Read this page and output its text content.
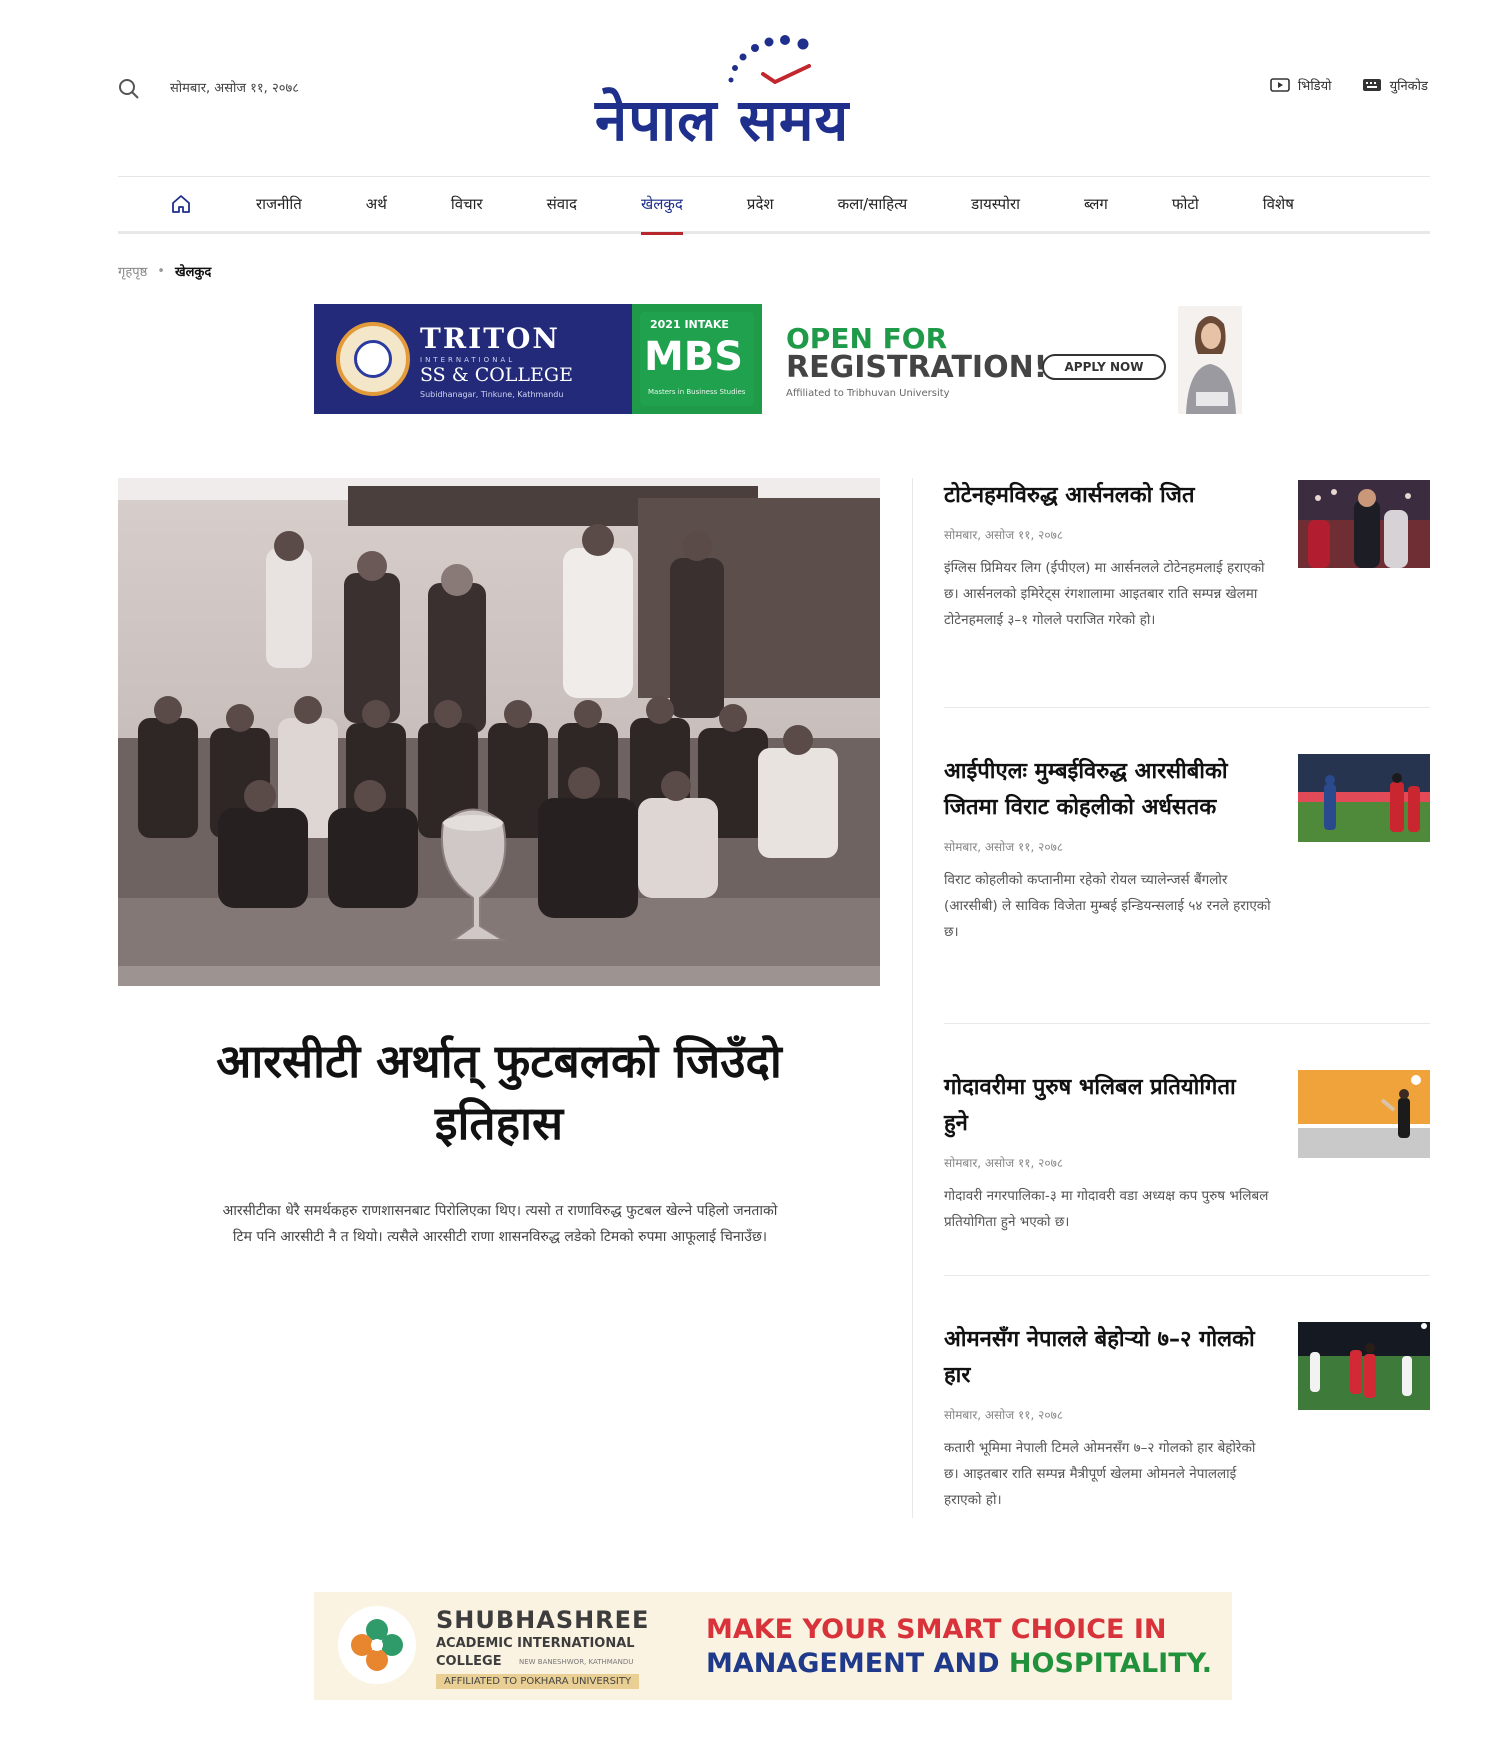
सोमबार, असोज ११, २०७८	नेपाल समय	भिडियो	युनिकोड
राजनीति	अर्थ	विचार	संवाद	खेलकुद	प्रदेश	कला/साहित्य	डायस्पोरा	ब्लग	फोटो	विशेष
गृहपृष्ठ • खेलकुद
TRITON
INTERNATIONAL
SS & COLLEGE
Subidhanagar, Tinkune, Kathmandu
2021 INTAKE
MBS
Masters in Business Studies
OPEN FOR
REGISTRATION!
Affiliated to Tribhuvan University
APPLY NOW
आरसीटी अर्थात् फुटबलको जिउँदो
इतिहास
आरसीटीका धेरै समर्थकहरु राणशासनबाट पिरोलिएका थिए। त्यसो त राणाविरुद्ध फुटबल खेल्ने पहिलो जनताको
टिम पनि आरसीटी नै त थियो। त्यसैले आरसीटी राणा शासनविरुद्ध लडेको टिमको रुपमा आफूलाई चिनाउँछ।
टोटेनहमविरुद्ध आर्सनलको जित
सोमबार, असोज ११, २०७८
इंग्लिस प्रिमियर लिग (ईपीएल) मा आर्सनलले टोटेनहमलाई हराएको छ। आर्सनलको इमिरेट्स रंगशालामा आइतबार राति सम्पन्न खेलमा टोटेनहमलाई ३–१ गोलले पराजित गरेको हो।
आईपीएलः मुम्बईविरुद्ध आरसीबीको जितमा विराट कोहलीको अर्धसतक
सोमबार, असोज ११, २०७८
विराट कोहलीको कप्तानीमा रहेको रोयल च्यालेन्जर्स बैंगलोर (आरसीबी) ले साविक विजेता मुम्बई इन्डियन्सलाई ५४ रनले हराएको छ।
गोदावरीमा पुरुष भलिबल प्रतियोगिता हुने
सोमबार, असोज ११, २०७८
गोदावरी नगरपालिका-३ मा गोदावरी वडा अध्यक्ष कप पुरुष भलिबल प्रतियोगिता हुने भएको छ।
ओमनसँग नेपालले बेहोर्‍यो ७–२ गोलको हार
सोमबार, असोज ११, २०७८
कतारी भूमिमा नेपाली टिमले ओमनसँग ७–२ गोलको हार बेहोरेको छ। आइतबार राति सम्पन्न मैत्रीपूर्ण खेलमा ओमनले नेपाललाई हराएको हो।
SHUBHASHREE
ACADEMIC INTERNATIONAL
COLLEGE NEW BANESHWOR, KATHMANDU
AFFILIATED TO POKHARA UNIVERSITY
MAKE YOUR SMART CHOICE IN
MANAGEMENT AND HOSPITALITY.
